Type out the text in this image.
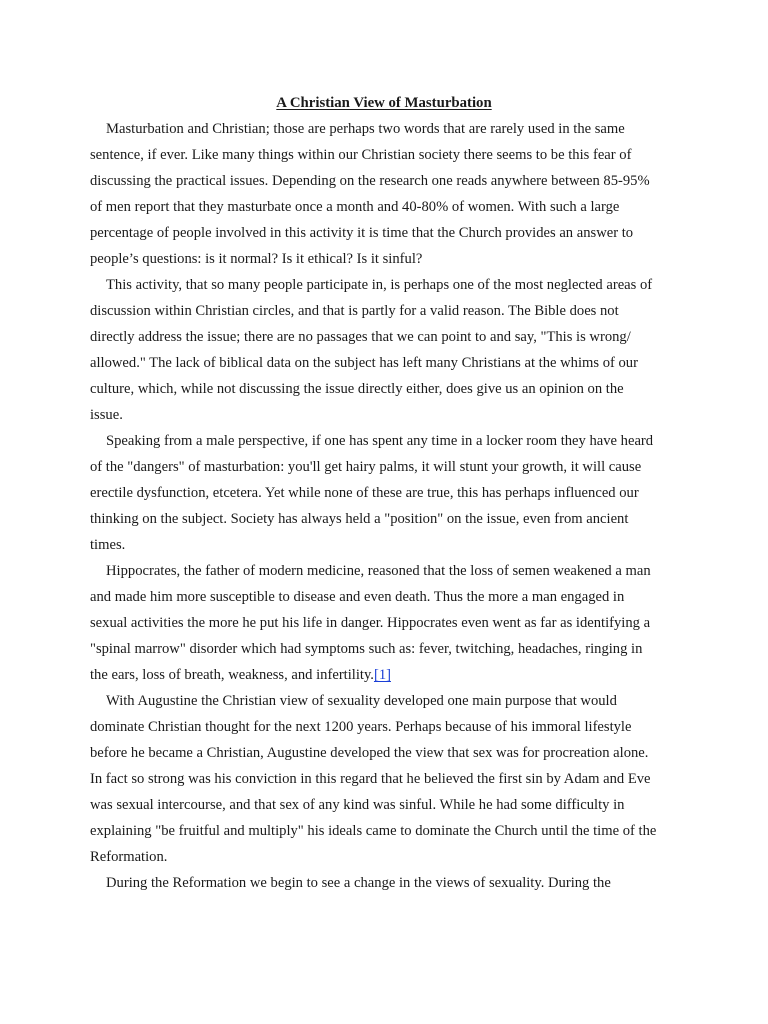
A Christian View of Masturbation
Masturbation and Christian; those are perhaps two words that are rarely used in the same
sentence, if ever. Like many things within our Christian society there seems to be this fear of
discussing the practical issues. Depending on the research one reads anywhere between 85-95%
of men report that they masturbate once a month and 40-80% of women. With such a large
percentage of people involved in this activity it is time that the Church provides an answer to
people’s questions: is it normal? Is it ethical? Is it sinful?
This activity, that so many people participate in, is perhaps one of the most neglected areas of
discussion within Christian circles, and that is partly for a valid reason. The Bible does not
directly address the issue; there are no passages that we can point to and say, "This is wrong/
allowed." The lack of biblical data on the subject has left many Christians at the whims of our
culture, which, while not discussing the issue directly either, does give us an opinion on the
issue.
Speaking from a male perspective, if one has spent any time in a locker room they have heard
of the "dangers" of masturbation: you'll get hairy palms, it will stunt your growth, it will cause
erectile dysfunction, etcetera. Yet while none of these are true, this has perhaps influenced our
thinking on the subject. Society has always held a "position" on the issue, even from ancient
times.
Hippocrates, the father of modern medicine, reasoned that the loss of semen weakened a man
and made him more susceptible to disease and even death. Thus the more a man engaged in
sexual activities the more he put his life in danger. Hippocrates even went as far as identifying a
"spinal marrow" disorder which had symptoms such as: fever, twitching, headaches, ringing in
the ears, loss of breath, weakness, and infertility.[1]
With Augustine the Christian view of sexuality developed one main purpose that would
dominate Christian thought for the next 1200 years. Perhaps because of his immoral lifestyle
before he became a Christian, Augustine developed the view that sex was for procreation alone.
In fact so strong was his conviction in this regard that he believed the first sin by Adam and Eve
was sexual intercourse, and that sex of any kind was sinful. While he had some difficulty in
explaining "be fruitful and multiply" his ideals came to dominate the Church until the time of the
Reformation.
During the Reformation we begin to see a change in the views of sexuality. During the
